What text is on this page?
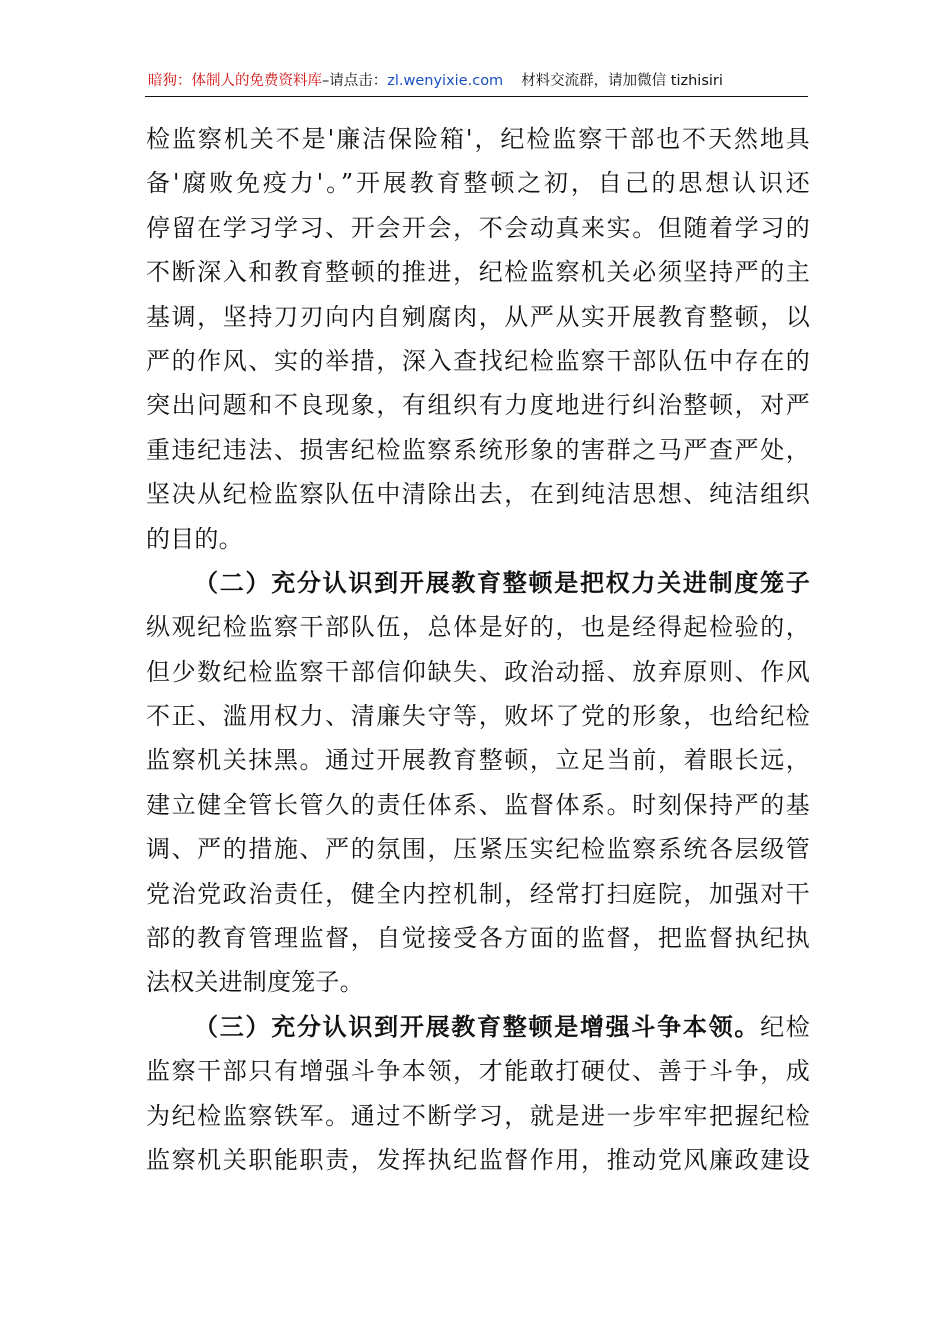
暗狗：体制人的免费资料库–请点击：zl.wenyixie.com 材料交流群，请加微信 tizhisiri
检监察机关不是'廉洁保险箱'，纪检监察干部也不天然地具
备'腐败免疫力'。”开展教育整顿之初，自己的思想认识还
停留在学习学习、开会开会，不会动真来实。但随着学习的
不断深入和教育整顿的推进，纪检监察机关必须坚持严的主
基调，坚持刀刃向内自剜腐肉，从严从实开展教育整顿，以
严的作风、实的举措，深入查找纪检监察干部队伍中存在的
突出问题和不良现象，有组织有力度地进行纠治整顿，对严
重违纪违法、损害纪检监察系统形象的害群之马严查严处，
坚决从纪检监察队伍中清除出去，在到纯洁思想、纯洁组织
的目的。
（二）充分认识到开展教育整顿是把权力关进制度笼子
纵观纪检监察干部队伍，总体是好的，也是经得起检验的，
但少数纪检监察干部信仰缺失、政治动摇、放弃原则、作风
不正、滥用权力、清廉失守等，败坏了党的形象，也给纪检
监察机关抹黑。通过开展教育整顿，立足当前，着眼长远，
建立健全管长管久的责任体系、监督体系。时刻保持严的基
调、严的措施、严的氛围，压紧压实纪检监察系统各层级管
党治党政治责任，健全内控机制，经常打扫庭院，加强对干
部的教育管理监督，自觉接受各方面的监督，把监督执纪执
法权关进制度笼子。
（三）充分认识到开展教育整顿是增强斗争本领。纪检
监察干部只有增强斗争本领，才能敢打硬仗、善于斗争，成
为纪检监察铁军。通过不断学习，就是进一步牢牢把握纪检
监察机关职能职责，发挥执纪监督作用，推动党风廉政建设
